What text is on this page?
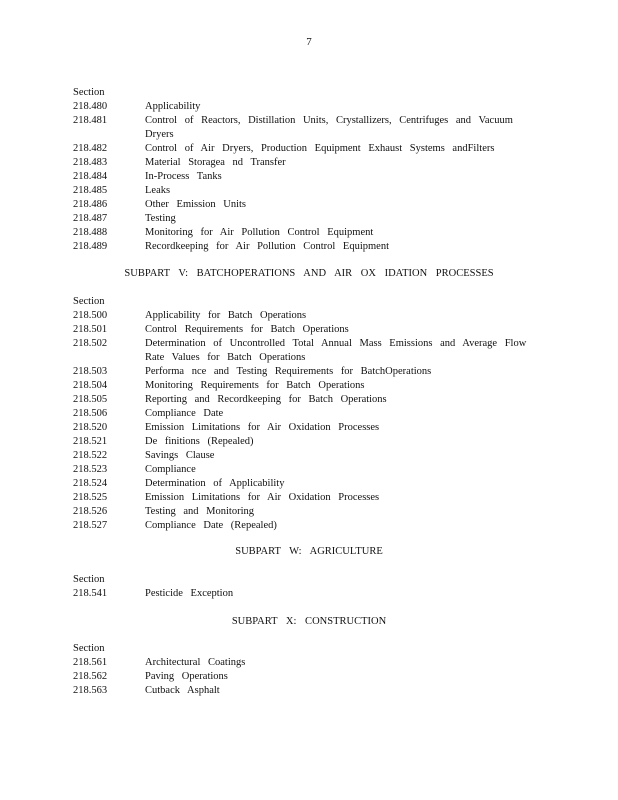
7
Section
218.480	Applicability
218.481	Control of Reactors, Distillation Units, Crystallizers, Centrifuges and Vacuum Dryers
218.482	Control of Air Dryers, Production Equipment Exhaust Systems andFilters
218.483	Material Storagea nd Transfer
218.484	In-Process Tanks
218.485	Leaks
218.486	Other Emission Units
218.487	Testing
218.488	Monitoring for Air Pollution Control Equipment
218.489	Recordkeeping for Air Pollution Control Equipment
SUBPART V: BATCHOPERATIONS AND AIR OX IDATION PROCESSES
Section
218.500	Applicability for Batch Operations
218.501	Control Requirements for Batch Operations
218.502	Determination of Uncontrolled Total Annual Mass Emissions and Average Flow Rate Values for Batch Operations
218.503	Performa nce and Testing Requirements for BatchOperations
218.504	Monitoring Requirements for Batch Operations
218.505	Reporting and Recordkeeping for Batch Operations
218.506	Compliance Date
218.520	Emission Limitations for Air Oxidation Processes
218.521	De finitions (Repealed)
218.522	Savings Clause
218.523	Compliance
218.524	Determination of Applicability
218.525	Emission Limitations for Air Oxidation Processes
218.526	Testing and Monitoring
218.527	Compliance Date (Repealed)
SUBPART W: AGRICULTURE
Section
218.541	Pesticide Exception
SUBPART X: CONSTRUCTION
Section
218.561	Architectural Coatings
218.562	Paving Operations
218.563	Cutback Asphalt
